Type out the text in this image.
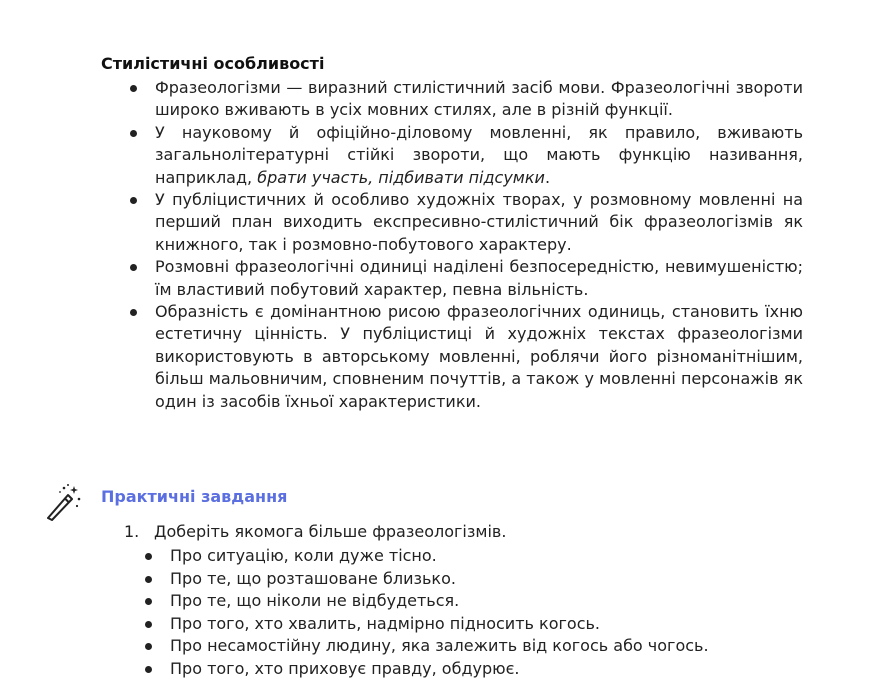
Стилістичні особливості
Фразеологізми — виразний стилістичний засіб мови. Фразеологічні звороти широко вживають в усіх мовних стилях, але в різній функції.
У науковому й офіційно-діловому мовленні, як правило, вживають загальнолітературні стійкі звороти, що мають функцію називання, наприклад, брати участь, підбивати підсумки.
У публіцистичних й особливо художніх творах, у розмовному мовленні на перший план виходить експресивно-стилістичний бік фразеологізмів як книжного, так і розмовно-побутового характеру.
Розмовні фразеологічні одиниці наділені безпосередністю, невимушеністю; їм властивий побутовий характер, певна вільність.
Образність є домінантною рисою фразеологічних одиниць, становить їхню естетичну цінність. У публіцистиці й художніх текстах фразеологізми використовують в авторському мовленні, роблячи його різноманітнішим, більш мальовничим, сповненим почуттів, а також у мовленні персонажів як один із засобів їхньої характеристики.
Практичні завдання

1. Доберіть якомога більше фразеологізмів.

Про ситуацію, коли дуже тісно.
Про те, що розташоване близько.
Про те, що ніколи не відбудеться.
Про того, хто хвалить, надмірно підносить когось.
Про несамостійну людину, яка залежить від когось або чогось.
Про того, хто приховує правду, обдурює.
